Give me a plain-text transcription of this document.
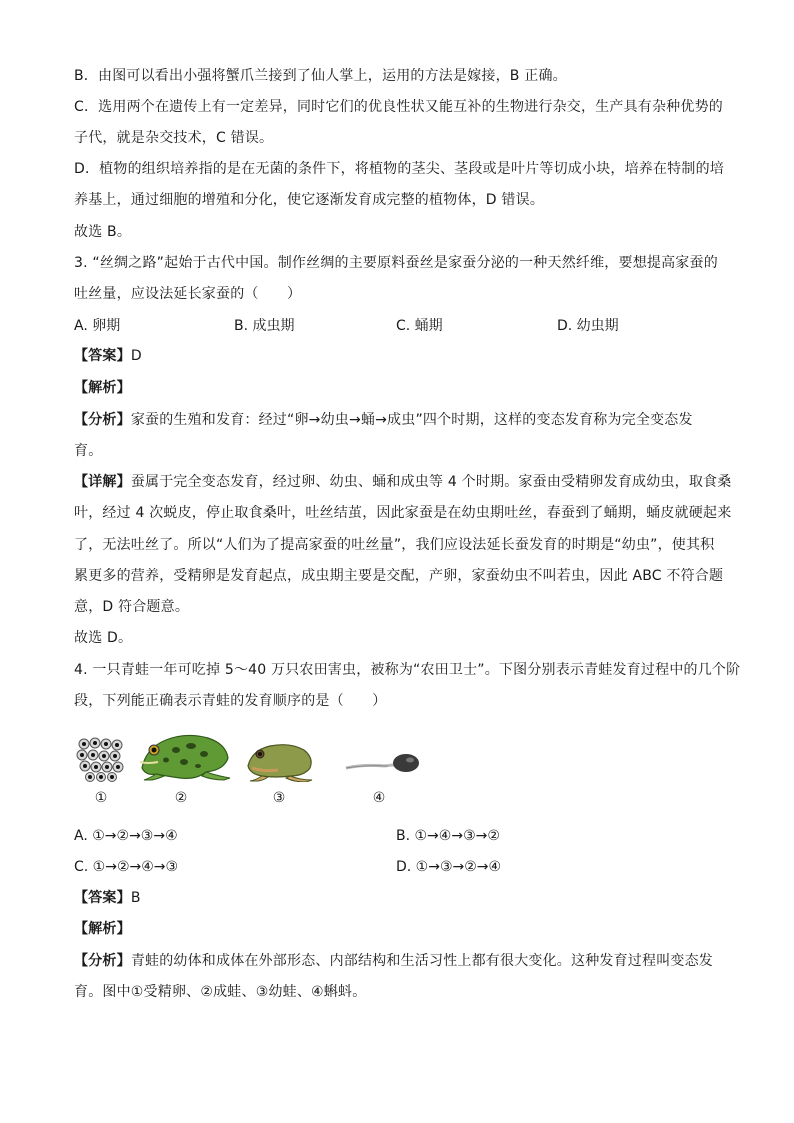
B．由图可以看出小强将蟹爪兰接到了仙人掌上，运用的方法是嫁接，B 正确。
C．选用两个在遗传上有一定差异，同时它们的优良性状又能互补的生物进行杂交，生产具有杂种优势的
子代，就是杂交技术，C 错误。
D．植物的组织培养指的是在无菌的条件下，将植物的茎尖、茎段或是叶片等切成小块，培养在特制的培
养基上，通过细胞的增殖和分化，使它逐渐发育成完整的植物体，D 错误。
故选 B。
3. “丝绸之路”起始于古代中国。制作丝绸的主要原料蚕丝是家蚕分泌的一种天然纤维，要想提高家蚕的
吐丝量，应设法延长家蚕的（　　）
A. 卵期	B. 成虫期	C. 蛹期	D. 幼虫期
【答案】D
【解析】
【分析】家蚕的生殖和发育：经过“卵→幼虫→蛹→成虫”四个时期，这样的变态发育称为完全变态发
育。
【详解】蚕属于完全变态发育，经过卵、幼虫、蛹和成虫等 4 个时期。家蚕由受精卵发育成幼虫，取食桑
叶，经过 4 次蜕皮，停止取食桑叶，吐丝结茧，因此家蚕是在幼虫期吐丝，春蚕到了蛹期，蛹皮就硬起来
了，无法吐丝了。所以“人们为了提高家蚕的吐丝量”，我们应设法延长蚕发育的时期是“幼虫”，使其积
累更多的营养，受精卵是发育起点，成虫期主要是交配，产卵，家蚕幼虫不叫若虫，因此 ABC 不符合题
意，D 符合题意。
故选 D。
4. 一只青蛙一年可吃掉 5～40 万只农田害虫，被称为“农田卫士”。下图分别表示青蛙发育过程中的几个阶
段，下列能正确表示青蛙的发育顺序的是（　　）
①	②	③	④
A. ①→②→③→④	B. ①→④→③→②
C. ①→②→④→③	D. ①→③→②→④
【答案】B
【解析】
【分析】青蛙的幼体和成体在外部形态、内部结构和生活习性上都有很大变化。这种发育过程叫变态发
育。图中①受精卵、②成蛙、③幼蛙、④蝌蚪。
